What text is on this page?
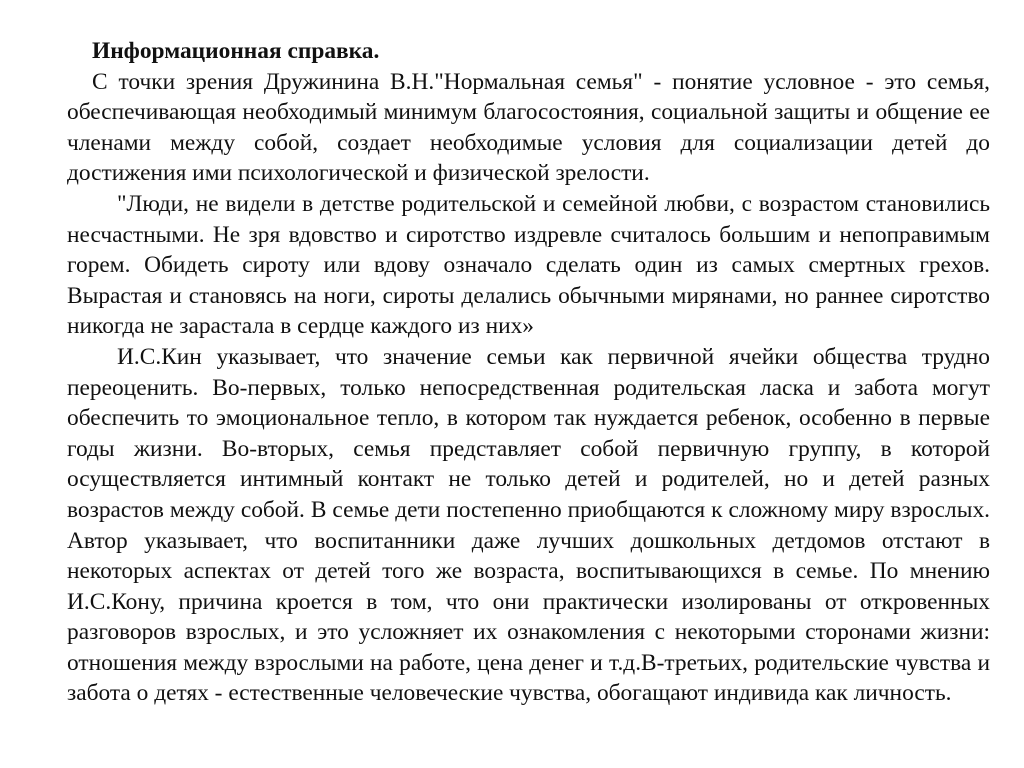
Информационная справка.

С точки зрения Дружинина В.Н."Нормальная семья" - понятие условное - это семья, обеспечивающая необходимый минимум благосостояния, социальной защиты и общение ее членами между собой, создает необходимые условия для социализации детей до достижения ими психологической и физической зрелости.

"Люди, не видели в детстве родительской и семейной любви, с возрастом становились несчастными. Не зря вдовство и сиротство издревле считалось большим и непоправимым горем. Обидеть сироту или вдову означало сделать один из самых смертных грехов. Вырастая и становясь на ноги, сироты делались обычными мирянами, но раннее сиротство никогда не зарастала в сердце каждого из них»

И.С.Кин указывает, что значение семьи как первичной ячейки общества трудно переоценить. Во-первых, только непосредственная родительская ласка и забота могут обеспечить то эмоциональное тепло, в котором так нуждается ребенок, особенно в первые годы жизни. Во-вторых, семья представляет собой первичную группу, в которой осуществляется интимный контакт не только детей и родителей, но и детей разных возрастов между собой. В семье дети постепенно приобщаются к сложному миру взрослых. Автор указывает, что воспитанники даже лучших дошкольных детдомов отстают в некоторых аспектах от детей того же возраста, воспитывающихся в семье. По мнению И.С.Кону, причина кроется в том, что они практически изолированы от откровенных разговоров взрослых, и это усложняет их ознакомления с некоторыми сторонами жизни: отношения между взрослыми на работе, цена денег и т.д.В-третьих, родительские чувства и забота о детях - естественные человеческие чувства, обогащают индивида как личность.
